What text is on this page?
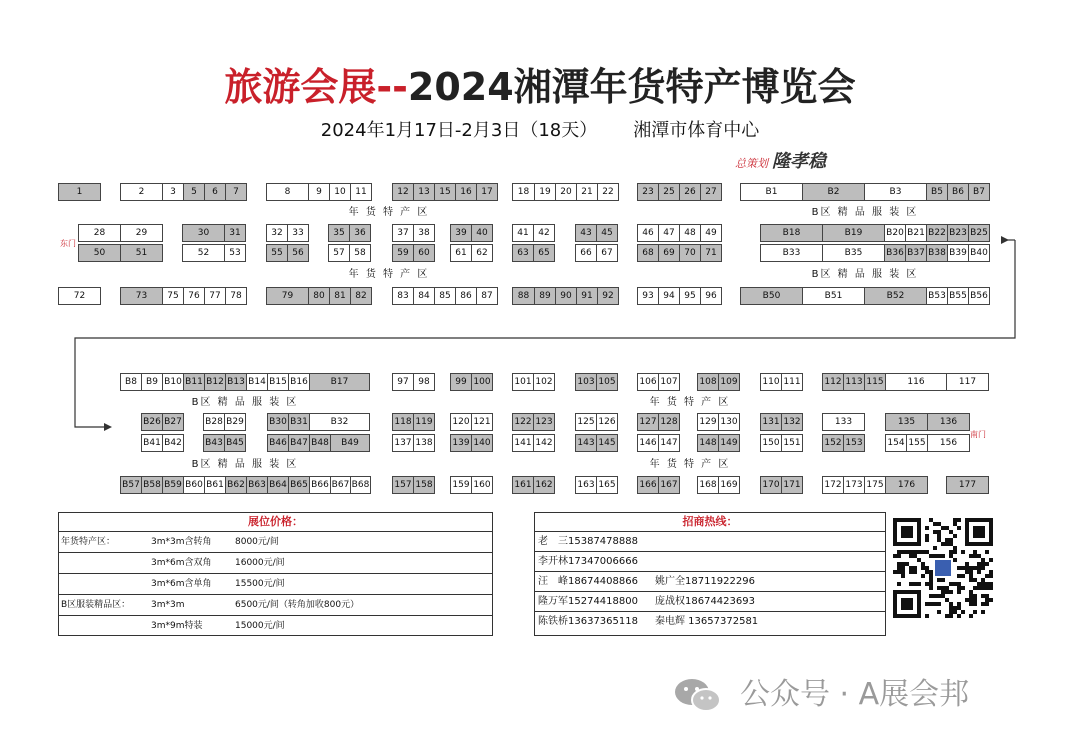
旅游会展--2024湘潭年货特产博览会
2024年1月17日-2月3日（18天） 湘潭市体育中心
总策划 隆孝稳
1	2	3	5	6	7	8	9	10	11	12	13	15	16	17	18	19	20	21	22	23	25	26	27	B1	B2	B3	B5	B6	B7
28	29	30	31	32	33	35	36	37	38	39	40	41	42	43	45	46	47	48	49	B18	B19	B20 B21 B22 B23 B25
50	51	52	53	55	56	57	58	59	60	61	62	63	65	66	67	68	69	70	71	B33	B35	B36 B37 B38 B39 B40
72	73	75	76	77	78	79	80	81	82	83	84	85	86	87	88	89	90	91	92	93	94	95	96	B50	B51	B52	B53 B55 B56
B8	B9 B10 B11 B12 B13 B14 B15 B16	B17	97	98	99 100	101 102	103 105	106 107 108 109	110 111	112 113 115	116	117
B26 B27	B28 B29	B30 B31	B32	118 119 120 121	122 123	125 126	127 128 129 130	131 132	133	135	136
B41 B42	B43 B45	B46 B47 B48	B49	137 138 139 140	141 142	143 145	146 147 148 149	150 151	152 153	154 155	156
B57 B58 B59 B60 B61 B62 B63 B64 B65 B66 B67 B68	157 158 159 160	161 162	163 165	166 167 168 169	170 171	172 173 175	176	177
年 货 特 产 区	B区 精 品 服 装 区
年 货 特 产 区	B区 精 品 服 装 区
B区 精 品 服 装 区	年 货 特 产 区
B区 精 品 服 装 区	年 货 特 产 区
东门
南门
展位价格：
年货特产区：	3m*3m含转角	8000元/间
3m*6m含双角	16000元/间
3m*6m含单角	15500元/间
B区服装精品区： 3m*3m	6500元/间（转角加收800元）
3m*9m特装	15000元/间
招商热线：
老　三15387478888
李开林17347006666
汪　峰18674408866 姚广全18711922296
隆万军15274418800 庞战权18674423693
陈铁桥13637365118 秦电辉 13657372581
公众号 · A展会邦
